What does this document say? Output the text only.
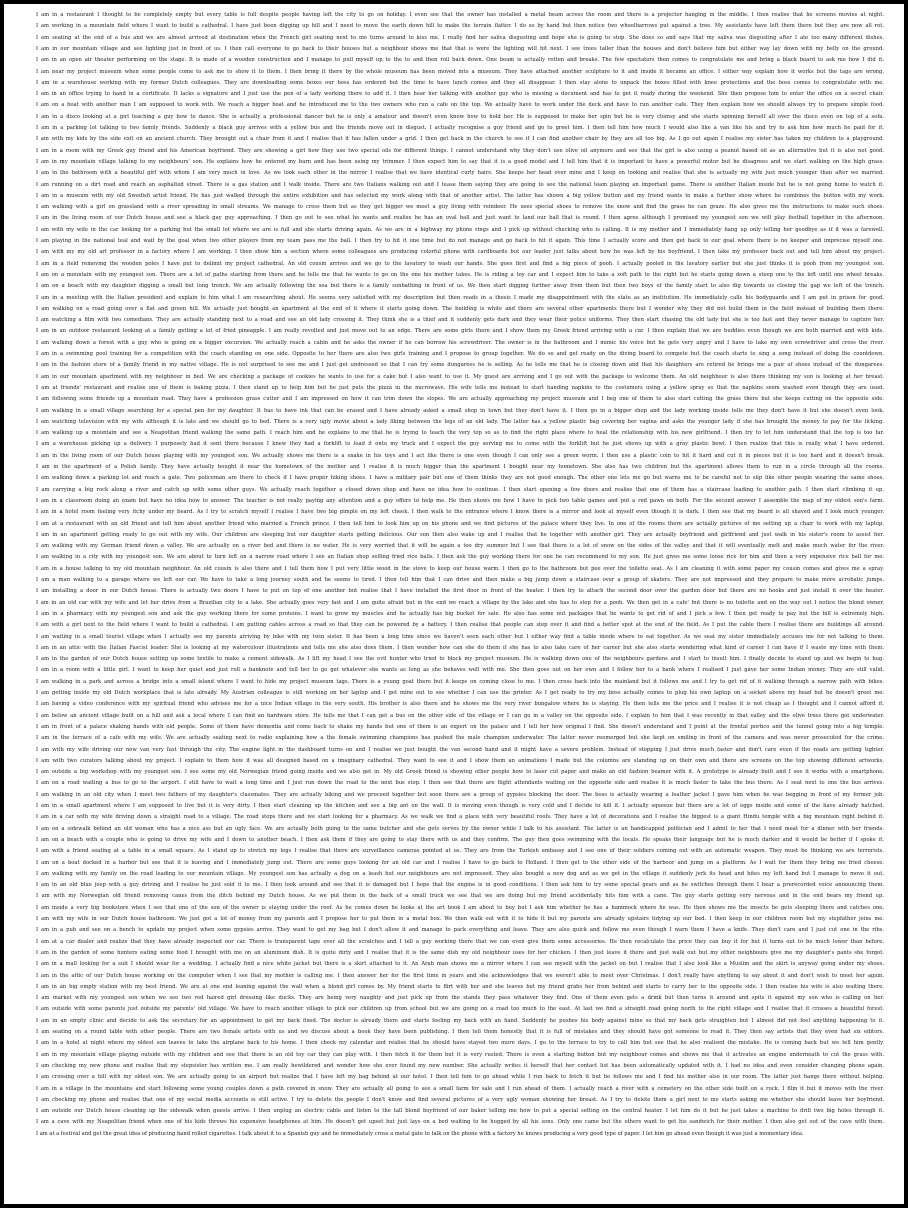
I am in a restaurant I thought to be completely empty but every table is full despite people having left the city to go on holiday. I even see that the owner has installed a metal beam across the room and there is a projector hanging in the middle. I then realise that he screens movies at night.
I am working in a mountain field where I want to build a cathedral. I have just been digging up hill and I need to move the earth down hill to make the terrain flatter. I do so by hand but then notice two wheelbarrows put against a tree. My assistants have left them there but they are now all rot.
I am seating at the end of a bus and we are almost arrived at destination when the French girl seating next to me turns around to kiss me. I really find her saliva disgusting and hope she is going to stop. She does so and says that my saliva was disgusting after I ate too many different dishes.
I am in our mountain village and see lighting just in front of us. I then call everyone to go back to their houses but a neighbour shows me that that is were the lighting will hit next. I see trees taller than the houses and don't believe him but either way lay down with my belly on the ground.
I am in an open air theater performing on the stage. It is made of a wooden construction and I manage to pull myself up to the to and then roll back down. One beam is actually rotten and breaks. The few spectators then comes to congratulate me and bring a black board to ask me how I did it.
I am near my project museum when some people come to ask me to show it to them. I then bring it there by the whole museum has been moved into a museum. They have attached another sculpture to it and inside it became an office. I either way explain how it works but the tags are wrong.
I am in a warehouse working with my former Dutch colleagues. They are downloading some boxes our boss has ordered but the time to have lunch comes and they all disappear. I then stay alone to unpack the boxes filled with knee protections and the boss comes to congratulate with me.
I am in an office trying to hand in a certificate. It lacks a signature and I just use the pen of a lady working there to add it. I then hear her talking with another guy who is missing a document and has to get it ready during the weekend. She then propose him to enter the office on a secret chair.
I am on a boat with another man I am supposed to work with. We reach a bigger boat and he introduced me to the two owners who run a cafe on the top. We actually have to work under the deck and have to run another cafe. They then explain how we should always try to prepare simple food.
I am in a disco looking at a girl teaching a guy how to dance. She is actually a professional dancer but he is only a amateur and doesn't even know how to hold her. He is supposed to make her spin but he is very clumsy and she starts spinning herself all over the disco even on top of a sofa.
I am in a parking lot talking to two family friends. Suddenly a black guy arrives with a yellow bus and the friends move out in disgust. I actually recognise a guy friend and go to greet him. I then tell him how much I would also like a van like his and try to ask him how much he paid for it.
I am with my kids by the side exit on an ancient church. They brought out a chair from it and I realise that it has fallen under a grid. I then get back in the church to see if I can find another chair by they are all too big. As I go out again I realise my sister has taken my children to a playground.
I am in a room with my Greek guy friend and his American boyfriend. They are showing a girl how they use two special oils for different things. I cannot understand why they don't use olive oil anymore and see that the girl is also using a peanut based oil as an alternative but it is also not good.
I am in my mountain village talking to my neighbours' son. He explains how he entered my barn and has been using my trimmer. I then expect him to say that it is a good model and I tell him that it is important to have a powerful motor but he disagrees and we start walking on the high grass.
I am in the bathroom with a beautiful girl with whom I am very much in love. As we look each other in the mirror I realise that we have identical curly hairs. She keeps her head over mine and I keep on looking and realise that she is actually my wife just much younger than after we married.
I am running on a dirt road and reach an asphalted street. There is a gas station and I walk inside. There are two Italians walking out and I tease them saying they are going to see the national team playing an important game. There is another Italian inside but he is not going home to watch it.
I am in a museum with my old Swedish artist friend. He has just walked through the entire exhibition and has selected my work along with that of another artist. The latter has shown a big yellow button and my friend wants to make a further show where he combines the button with my work.
I am walking with a girl on grassland with a river spreading in small streams. We manage to cross them but as they get bigger we meet a guy living with reindeer. He uses special shoes to remove the snow and find the grass he can graze. He also gives me the instructions to make such shoes.
I am in the living room of our Dutch house and see a black gay guy approaching. I then go out to see what he wants and realise he has an oval ball and just want to land our ball that is round. I then agree although I promised my youngest son we will play football together in the afternoon.
I am with my wife in the car looking for a parking but the small lot where we are is full and she starts driving again. As we are in a highway my phone rings and I pick up without checking who is calling. It is my mother and I immediately hang up only telling her goodbye as if it was a farewell.
I am playing in the national teal and wait by the goal when two other players from my team pass me the ball. I then try to hit it one time but do not manage and go back to hit it again. This time I actually score and then get back to our goal where there is no keeper and imprecise myself one.
I am with my my old art professor in a factory where I am working. I then show him a section where some colleagues are producing colorful phone with cardboards but our leader just talks about how he was left by his boyfriend. I then take my professor back out and tell him about my project.
I am in a field removing the wooden poles I have put to delimit my project cathedral. An old cousin arrives and we go to the lavatory to wash our hands. She goes first and find a big piece of pooh. I actually pooled in the lavatory earlier but she just thinks it is pooh from my youngest son.
I am on a mountain with my youngest son. There are a lot of paths starting from there and he tells me that he wants to go on the one his mother takes. He is riding a toy car and I expect him to take a soft path to the right but he starts going down a steep one to the left until one wheel breaks.
I am on a beach with my daughter digging a small but long trench. We are actually following the sea but there is a family sunbathing in front of us. We then start digging further away from them but then two boys of the family start to also dig towards us closing the gap we left of the trench.
I am in a meeting with the Italian president and explain to him what I am researching about. He seems very satisfied with my description but then reads in a thesis I made my disappointment with the state as an institution. He immediately calls his bodyguards and I am put in prison for good.
I am walking on a road going over a flat and green hill. We actually just bought an apartment at the end of it where it starts going down. The building is white and there are several other apartments there but I wonder why they did not build them in the field instead of building them there.
I am watching a film with two comedians. They are actually standing next to a road and see an old lady crossing it. They think she is a thief and it suddenly gets dark and they wear their police uniforms. They then start chasing the old lady but she is too fast and they never manage to capture her.
I am in an outdoor restaurant looking at a family getting a lot of fried pineapple. I am really revolted and just move out to an edge. There are some girls there and I show them my Greek friend arriving with a car. I then explain that we are buddies even though we are both married and with kids.
I am walking down a forest with a guy who is going on a bigger excursion. We actually reach a cabin and he asks the owner if he can borrow his screwdriver. The owner is in the bathroom and I mimic his voice but he gets very angry and I have to take my own screwdriver and cross the river.
I am in a swimming pool training for a competition with the coach standing on one side. Opposite to her there are also two girls training and I propose to group together. We do so and get ready on the diving board to compete but the coach starts to sing a song instead of doing the countdown.
I am in the fashion store of a family friend in my native village. He is not surprised to see me and I just get undressed so that I can try some dungarees he is selling. As he tells me that he is closing down and that his daughters are retired he brings me a pair of shoes instead of the dungarees.
I am in our mountain apartment with my neighbour in bed. We are checking a package of cookies he wants to use for a cake but I also want to use it. My guest are arriving and I go out with the package to welcome them. An old neighbour is also there thinking my son is looking at her breast.
I am at friends' restaurant and realise one of them is baking pizza. I then stand up to help him but he just puts the pizza in the microwave. His wife tells me instead to start handing napkins to the costumers using a yellow spray so that the napkins seem washed even though they are used.
I am following some friends up a mountain road. They have a profession grass cutter and I am impressed on how it can trim down the slopes. We are actually approaching my project museum and I beg one of them to also start cutting the grass there but she keeps cutting on the opposite side.
I am walking in a small village searching for a special pen for my daughter. It has to have ink that can be erased and I have already asked a small shop in town but they don't have it. I then go in a bigger shop and the lady working inside tells me they don't have it but she doesn't even look.
I am watching television with my wife although it is late and we should go to bed. There is a very ugly movie about a lady liking between the legs of an old lady. The latter has a yellow plastic bag covering her vagina and asks the younger lady if she has brought the money to pay for the licking.
I am walking up a mountain and see a Neapolitan friend walking the same path. I reach him and he explains to me that he is trying to teach the very top so as to find the right place where to heal the relationship with his new girlfriend. I then try to let him understand that the top is too far.
I am a warehouse picking up a delivery. I purposely had it sent there because I knew they had a forklift to load it onto my truck and I expect the guy serving me to come with the forklift but he just shows up with a gray plastic bowl. I then realize that this is really what I have ordered.
I am in the living room of our Dutch house playing with my youngest son. We actually shows me there is a snake in his toys and I act like there is one even though I can only see a green worm. I then use a plastic coin to hit it hard and cut it in pieces but it is too hard and it doesn't break.
I am in the apartment of a Polish family. They have actually bought it near the hometown of the mother and I realise it is much bigger than the apartment I bought near my hometown. She also has two children but the apartment allows them to run in a circle through all the rooms.
I am walking down a parking lot and reach a gate. Two policeman are there to check if I have proper hiking shoes. I have a military pair but one of them thinks they are not good enough. The other one lets me go but warns me to be careful not to slip like other people wearing the same shoes.
I am carrying a big rock along a river and catch up with some other guys. We actually reach together a closed down shop and have no idea how to continue. I then start opening a few doors and realise that one of them has a staircase leading to another path. I then start climbing it up.
I am in a classroom doing an exam but have no idea how to answer. The teacher is not really paying any attention and a guy offers to help me. He then shows me how I have to pick two table games and put a red pawn on both. For the second answer I assemble the map of my oldest son's farm.
I am in a hotel room feeling very itchy under my beard. As I try to scratch myself I realise I have two big pimple on my left cheek. I then walk to the entrance where I know there is a mirror and look at myself even though it is dark. I then see that my beard is all shaved and I look much younger.
I am at a restaurant with an old friend and tell him about another friend who married a French prince. I then tell him to look him up on his phone and we find pictures of the palace where they live. In one of the rooms there are actually pictures of me setting up a chair to work with my laptop.
I am in an apartment getting ready to go out with my wife. Our children are sleeping but our daughter starts getting delicious. Our son then also wake up and I realise that he together with another girl. They are actually boyfriend and girlfriend and just walk in his sister's room to assist her.
I am walking with my German friend down a valley. We are actually on a river bed and there is no water. He is very worried that it will be again a too dry summer but I see that there is a lot of snow on the sides of the valley and that it will eventually melt and make much water for the river.
I am walking in a city with my youngest son. We are about to turn left on a narrow road where I see an Italian shop selling fried rice balls. I then ask the guy working there for one he can recommend to my son. He just gives me some loose rice for him and then a very expensive rice ball for me.
I am in a house talking to my old mountain neighbour. An old cousin is also there and I tell them how I put very little wood in the stove to keep our house warm. I then go to the bathroom but pee over the toilette seat. As I am cleaning it with some paper my cousin comes and gives me a spray.
I am a man walking to a garage where we left our car. We have to take a long journey south and he seems to tired. I then tell him that I can drive and then make a big jump down a staircase over a group of skaters. They are not impressed and they prepare to make more acrobatic jumps.
I am installing a door in our Dutch house. There is actually two doors I have to put on top of one another but realise that I have installed the first door in front of the heater. I then try to attach the second door over the garden door but there are no hooks and just install it over the heater.
I am in an old car with my wife and let her drive from a Brazilian city to a lake. She actually goes very fast and I am quite afraid but in the end we reach a village by the lake and she has to stop for a pooh. We then get in a cafe' but there is no toilette and on the way out I notice the blond owner.
I am in a pharmacy with my youngest son and ask the guy working there for some proteins. I want to grow my muscles and he actually has big bucket for sale. He also has some nut packages that he wants to get rid of and I pick a few. I then get ready to pay but the bill is extremely high.
I am with a girl next to the field where I want to build a cathedral. I am putting cables across a road so that they can be powered by a battery. I then realise that people can step over it and find a better spot at the end of the field. As I put the cable there I realise there are buildings all around.
I am waiting in a small tourist village when I actually see my parents arriving by bike with my twin sister. It has been a long time since we haven't seen each other but I either way find a table inside where to eat together. As we seat my sister immediately accuses me for not talking to them.
I am in an attic with the Italian Fascist leader. She is looking at my watercolour illustrations and tells me she also does them. I then wonder how can she do them if she has to also take care of her career but she also starts wondering what kind of career I can have if I waste my time with them.
I am in the garden of our Dutch house setting up some textile to make a cement sidewalk. As I lift my head I see the evil hunter who tried to block my project museum. He is walking down one of the neighbours gardens and I start to insult him. I finally decide to stand up and we begin to hug.
I am in a room with a little girl. I want to keep her quiet and just roll a banknote and tell her to go get whatever she wants as long as she behaves well with me. She then goes out on her own and I follow her to a bank where I realised I just gave her some Indian money. They are still valid.
I am walking in a park and across a bridge into a small island where I want to hide my project museum tags. There is a young goat there but it keeps on coming close to me. I then cross back into the mainland but it follows me and I try to get rid of it walking through a narrow path with bikes.
I am getting inside my old Dutch workplace that is late already. My Austrian colleague is still working on her laptop and I get mine out to see whether I can use the printer. As I get ready to try my boss actually comes to plug his own laptop on a socket above my head but he doesn't greet me.
I am having a video conference with my spiritual friend who advises me for a nice Indian village in the very south. His brother is also there and he shows me the very river bungalow where he is staying. He then tells me the price and I realise it is not cheap as I thought and I cannot afford it.
I am below an ancient village built on a hill and ask a local where I can find an hardware store. He tells me that I can get a bus on the other side of the village or I can go in a valley on the opposite side. I explain to him that I was recently in that valley and the olive trees there got underwater.
I am in front of a palace shaking hands with old people. Some of them have dementia and come back to shake my hands but one of them is an expert on the palace and I tell her how original I find. She doesn't understand and I point at the frontal portico and the tunnel going into a big temple.
I am in the terrace of a cafe with my wife. We are actually seating next to radio explaining how a the female swimming champions has pushed the male champion underwater. The latter never reemerged but she kept on smiling in front of the camera and was never prosecuted for the crime.
I am with my wife driving our new van very fast through the city. The engine light in the dashboard turns on and I realise we just bought the van second hand and it might have a severe problem. Instead of stopping I just drive much faster and don't care even if the roads are getting tighter.
I am with two curators talking about my project. I explain to them how it was all designed based on a imaginary cathedral. They want to see it and I show them an animations I made but the columns are standing up on their own and there are screens on the top showing different artworks.
I am outside a big workshop with my youngest son. I see some my old Norwegian friend going inside and we also get in. My old Greek friend is showing other people how to laser cut paper and make an old fashion beamer with it. A prototype is already built and I see it works with a smartphone.
I am on a road waiting a bus to go to the airport. I still have to wait a long time and I just run down the road to the next bus stop. I then see that there are flight attendants waiting on the opposite side and realise it is much faster to take the bus there. As I seat next to one the bus arrives.
I am walking in an old city when I meet two fathers of my daughter's classmates. They are actually biking and we proceed together but soon there are a group of gypsies blocking the door. The boss is actually wearing a leather jacket I gave him when he was begging in front of my former job.
I am in a small apartment where I am supposed to live but it is very dirty. I then start cleaning up the kitchen and see a big ant on the wall. It is moving even though is very cold and I decide to kill it. I actually squeeze but there are a lot of eggs inside and some of the have already hatched.
I am in a car with my wife driving down a straight road to a village. The road stops there and we start looking for a pharmacy. As we walk we find a place with very beautiful roofs. They have a lot of decorations and I realise the biggest is a giant Hindu temple with a big mountain right behind it.
I am on a sidewalk behind an old woman who has a nice ass but an ugly face. We are actually both going to the same butcher and she gets serves by the owner while I talk to his assistant. The latter is an handicapped politician and I admit to her that I need meat for a dinner with her friends.
I am on a beach with a couple who is going to drive my wife and I down to another beach. I then ask them if they are going to stay there with us and they confirm. The guy then goes swimming with the locals. He speaks their language but he is much darker and it would be better if I spoke it.
I am with a friend seating at a table in a small square. As I stand up to stretch my legs I realise that there are surveillance cameras pointed at us. They are from the Turkish embassy and I see one of their soldiers coming out with an automatic weapon. They must be thinking we are terrorists.
I am on a boat docked in a harbor but see that it is leaving and I immediately jump out. There are some guys looking for an old car and I realise I have to go back to Holland. I then get to the other side of the harbour and jump on a platform. As I wait for them they bring me fried cheese.
I am walking with my family on the road leading to our mountain village. My youngest son has actually a dog on a leash but our neighbours are not impressed. They also bought a new dog and as we get in the village it suddenly jerk its head and bites my left hand but I manage to move it out.
I am in an old blue jeep with a guy driving and I realise he just sold it to me. I then look around and see that it is damaged but I hope that the engine is in good conditions. I then ask him to try some special gears and as he switches through them I hear a prerecorded voice announcing them.
I am with my Norwegian old friend removing canes from the ditch behind my Dutch house. As we put them in the back of a small truck we see that we are doing but my friend accidentally hits him with a cane. The guy starts getting very nervous and in the end bears my friend up.
I am inside a very big bookstore when I see that one of the son of the owner is staying under the roof. As he comes down he looks at the art book I am about to buy but I ask him whether he has a hammock where he was. He then shows me the insects he gets sleeping there and catches one.
I am with my wife in our Dutch house bathroom. We just got a lot of money from my parents and I propose her to put them in a metal box. We then walk out with it to hide it but my parents are already upstairs tidying up our bed. I then keep in our children room but my stepfather joins me.
I am in a pub and see on a bench to update my project when some gypsies arrive. They want to get my bag but I don't allow it and manage to pack everything and leave. They are also quick and follow me even though I warn them I have a knife. They don't care and I just cut one in the ribs.
I am at a car dealer and realize that they have already inspected our car. There is transparent tape over all the scratches and I tell a guy working there that we can even give them some accessories. He then recalculate the price they can buy it for but it turns out to be much lower than before.
I am in the garden of some hunters eating some food I brought with me on an aluminum dish. It is quite dirty and I realise that it is the same dish my old neighbour uses for her chicken. I then just leave it there and just walk out but my other neighbours give me my daughter's pants she forgot.
I am in a mall looking for a suit I should wear for a wedding. I actually find a nice white jacket but there is a skirt attached to it. An Arab man shows me a mirror where I can see myself with the jacket on but I realise that I also look like a Muslim and the skirt is anyway going under my shoes.
I am in the attic of our Dutch house working on the computer when I see that my mother is calling me. I then answer her for the first time in years and she acknowledges that we weren't able to meet over Christmas. I don't really have anything to say about it and don't wish to meet her again.
I am in an big empty station with my best friend. We are at one end leaning against the wall when a blond girl comes by. My friend starts to flirt with her and she leaves but my friend grabs her from behind and starts to carry her to the opposite side. I then realise his wife is also waiting there.
I am market with my youngest son when we see two red haired girl dressing like ducks. They are being very naughty and just pick up from the stands they pass whatever they find. One of them even gets a drink but then turns it around and spits it against my son who is calling on her.
I am outside with some parents just outside my parents' old village. We have to reach another village to pick our children up from school but we are going on a road too much to the east. At last we find a straight road going north to the right village and I realise that it crosses a beautiful forest.
I am in an empty clinic and decide to ask the secretary for an appointment to get my back fixed. The doctor is already there and starts feeling my back with an hand. Suddenly he pushes his body against mine so that my back gets straighten but I almost did not feel anything happening to it.
I am seating on a round table with other people. There are two female artists with us and we discuss about a book they have been publishing. I then tell them honestly that it is full of mistakes and they should have got someone to read it. They then say artists that they even had six editors.
I am in a hotel at night where my oldest son leaves to take the airplane back to his home. I then check my calendar and realise that he should have stayed two more days. I go to the terrace to try to call him but see that he also realised the mistake. He is coming back but we tell him gently.
I am in my mountain village playing outside with my children and see that there is an old toy car they can play with. I then fetch it for them but it is very rusted. There is even a starting button but my neighbour comes and shows me that it activates an engine underneath to cut the grass with.
I am checking my new phone and realise that my stepsister has written me. I am really bewildered and wonder how she ever found my new number. She actually writes it herself that her contact list has been automatically updated with it. I had no idea and even consider changing phone again.
I am crossing over a hill with my oldest son. We are actually going to an airport but realize that I have left my bag behind at our hotel. I then tell him to go ahead while I run back to fetch it but he follows me and I find his mother also in our room. The latter just hangs there without helping.
I am in a village in the mountains and start following some young couples down a path covered in snow. They are actually all going to see a small farm for sale and I run ahead of them. I actually reach a river with a cemetery on the other side built on a rock. I film it but it moves with the river.
I am checking my phone and realise that one of my social media accounts is still active. I try to delete the people I don't know and find several pictures of a very ugly woman showing her breast. As I try to delete them a girl next to me starts asking me whether she should leave her boyfriend.
I am outside our Dutch house cleaning up the sidewalk when guests arrive. I then unplug an electric cable and listen to the tall blond boyfriend of our baker telling me how to put a special setting on the central heater. I let him do it but he just takes a machine to drill two big holes through it.
I am a cave with my Neapolitan friend when one of his kids throws his expensive headphones at him. He doesn't get upset but just lays on a bed waiting to be hugged by all his sons. Only one came but the others want to get his sandwich for their mother. I then also get out of the cave with them.
I am at a festival and get the great idea of producing hand rolled cigarettes. I talk about it to a Spanish guy and he immediately cross a metal gate to talk on the phone with a factory he knows producing a very good type of paper. I let him go ahead even though it was just a momentary idea.
